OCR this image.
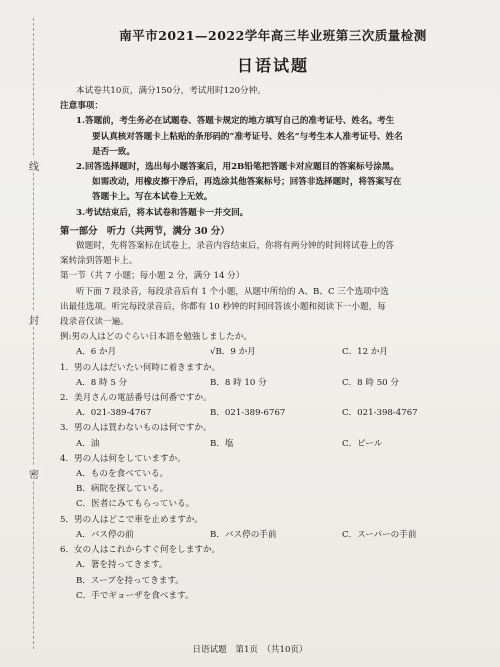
线
封
密
南平市2021—2022学年高三毕业班第三次质量检测
日语试题
本试卷共10页，满分150分，考试用时120分钟。
注意事项：
1.答题前，考生务必在试题卷、答题卡规定的地方填写自己的准考证号、姓名。考生
要认真核对答题卡上粘贴的条形码的“准考证号、姓名”与考生本人准考证号、姓名
是否一致。
2.回答选择题时，选出每小题答案后，用2B铅笔把答题卡对应题目的答案标号涂黑。
如需改动，用橡皮擦干净后，再选涂其他答案标号；回答非选择题时，将答案写在
答题卡上。写在本试卷上无效。
3.考试结束后，将本试卷和答题卡一并交回。
第一部分　听力（共两节，满分 30 分）
做题时，先将答案标在试卷上，录音内容结束后，你将有两分钟的时间将试卷上的答
案转涂到答题卡上。
第一节（共 7 小题；每小题 2 分，满分 14 分）
听下面 7 段录音，每段录音后有 1 个小题，从题中所给的 A、B、C 三个选项中选
出最佳选项。听完每段录音后，你都有 10 秒钟的时间回答该小题和阅读下一小题，每
段录音仅读一遍。
例:男の人はどのぐらい日本語を勉強しましたか。
A．6 か月	√B．9 か月	C．12 か月
1．男の人はだいたい何時に着きますか。
A．8 時 5 分	B．8 時 10 分	C．8 時 50 分
2．美月さんの電話番号は何番ですか。
A．021-389-4767	B．021-389-6767	C．021-398-4767
3．男の人は買わないものは何ですか。
A．油	B．塩	C．ビール
4．男の人は何をしていますか。
A．ものを食べている。
B．病院を探している。
C．医者にみてもらっている。
5．男の人はどこで車を止めますか。
A．バス停の前	B．バス停の手前	C．スーパーの手前
6．女の人はこれからすぐ何をしますか。
A．箸を持ってきます。
B．スープを持ってきます。
C．手でギョーザを食べます。
日语试题　第1页　（共10页）
